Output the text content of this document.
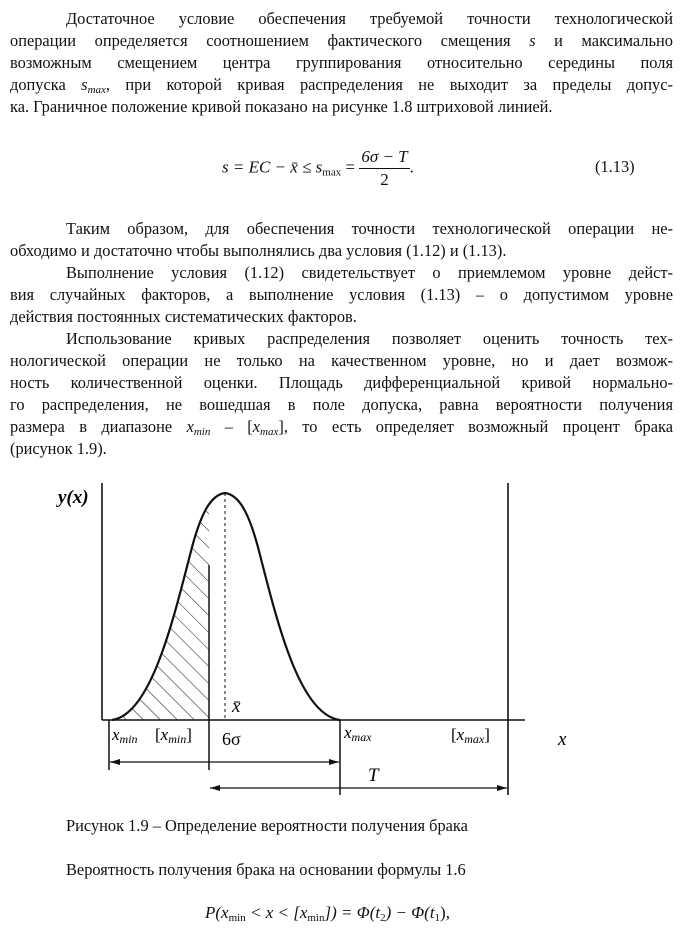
Достаточное условие обеспечения требуемой точности технологической
операции определяется соотношением фактического смещения s и максимально
возможным смещением центра группирования относительно середины поля
допуска $s_{max}$, при которой кривая распределения не выходит за пределы допус-
ка. Граничное положение кривой показано на рисунке 1.8 штриховой линией.
s = EC − x̄ ≤ $s_{max} = \frac{6\sigma - T}{2}$ .	(1.13)
Таким образом, для обеспечения точности технологической операции не-
обходимо и достаточно чтобы выполнялись два условия (1.12) и (1.13).
Выполнение условия (1.12) свидетельствует о приемлемом уровне дейст-
вия случайных факторов, а выполнение условия (1.13) – о допустимом уровне
действия постоянных систематических факторов.
Использование кривых распределения позволяет оценить точность тех-
нологической операции не только на качественном уровне, но и дает возмож-
ность количественной оценки. Площадь дифференциальной кривой нормально-
го распределения, не вошедшая в поле допуска, равна вероятности получения
размера в диапазоне $x_{min} - [x_{max}]$, то есть определяет возможный процент брака
(рисунок 1.9).
y(x)
x
x̄
xmin [xmin] 6σ	xmax	[xmax]
T
Рисунок 1.9 – Определение вероятности получения брака
Вероятность получения брака на основании формулы 1.6
$P(x_{min} < x < [x_{min}]) = \Phi(t_2) - \Phi(t_1)$,
